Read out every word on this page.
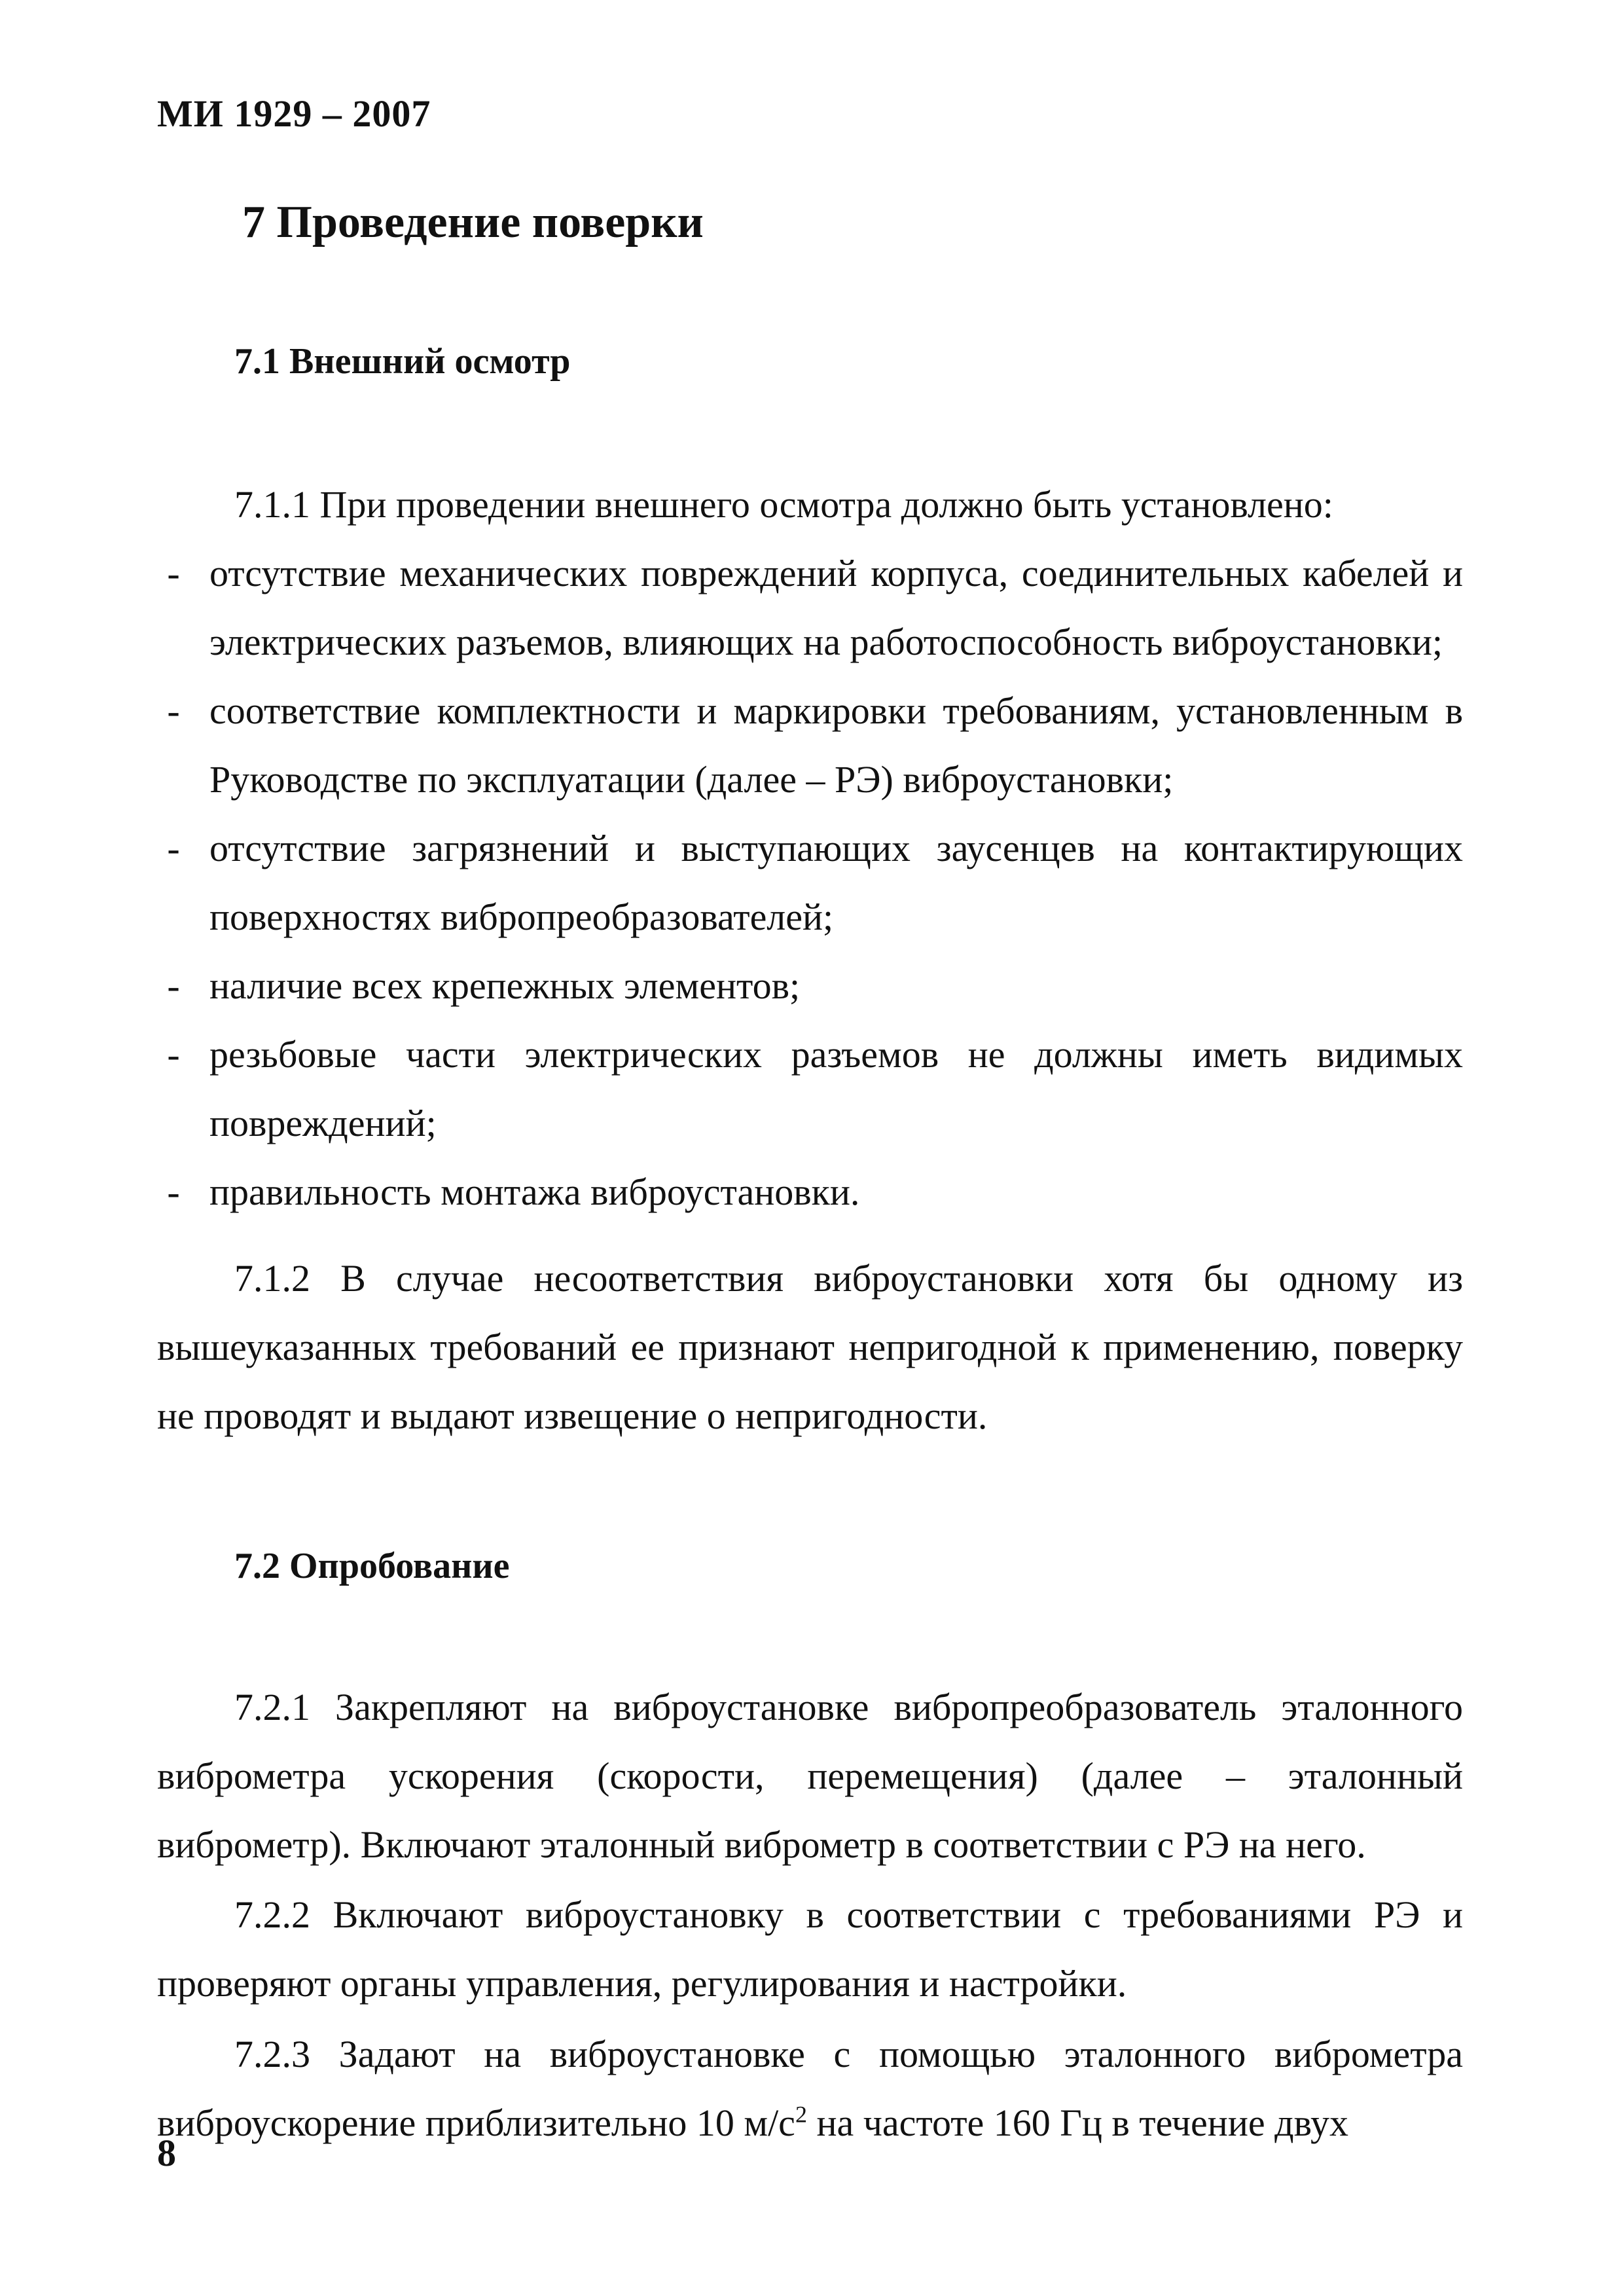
МИ 1929 – 2007
7 Проведение поверки
7.1 Внешний осмотр

7.1.1 При проведении внешнего осмотра должно быть установлено:

- отсутствие механических повреждений корпуса, соединительных кабелей и электрических разъемов, влияющих на работоспособность виброустановки;
- соответствие комплектности и маркировки требованиям, установленным в Руководстве по эксплуатации (далее – РЭ) виброустановки;
- отсутствие загрязнений и выступающих заусенцев на контактирующих поверхностях вибропреобразователей;
- наличие всех крепежных элементов;
- резьбовые части электрических разъемов не должны иметь видимых повреждений;
- правильность монтажа виброустановки.

7.1.2 В случае несоответствия виброустановки хотя бы одному из вышеуказанных требований ее признают непригодной к применению, поверку не проводят и выдают извещение о непригодности.

7.2 Опробование

7.2.1 Закрепляют на виброустановке вибропреобразователь эталонного виброметра ускорения (скорости, перемещения) (далее – эталонный виброметр). Включают эталонный виброметр в соответствии с РЭ на него.

7.2.2 Включают виброустановку в соответствии с требованиями РЭ и проверяют органы управления, регулирования и настройки.

7.2.3 Задают на виброустановке с помощью эталонного виброметра виброускорение приблизительно 10 $м/с^2$ на частоте 160 Гц в течение двух

8
